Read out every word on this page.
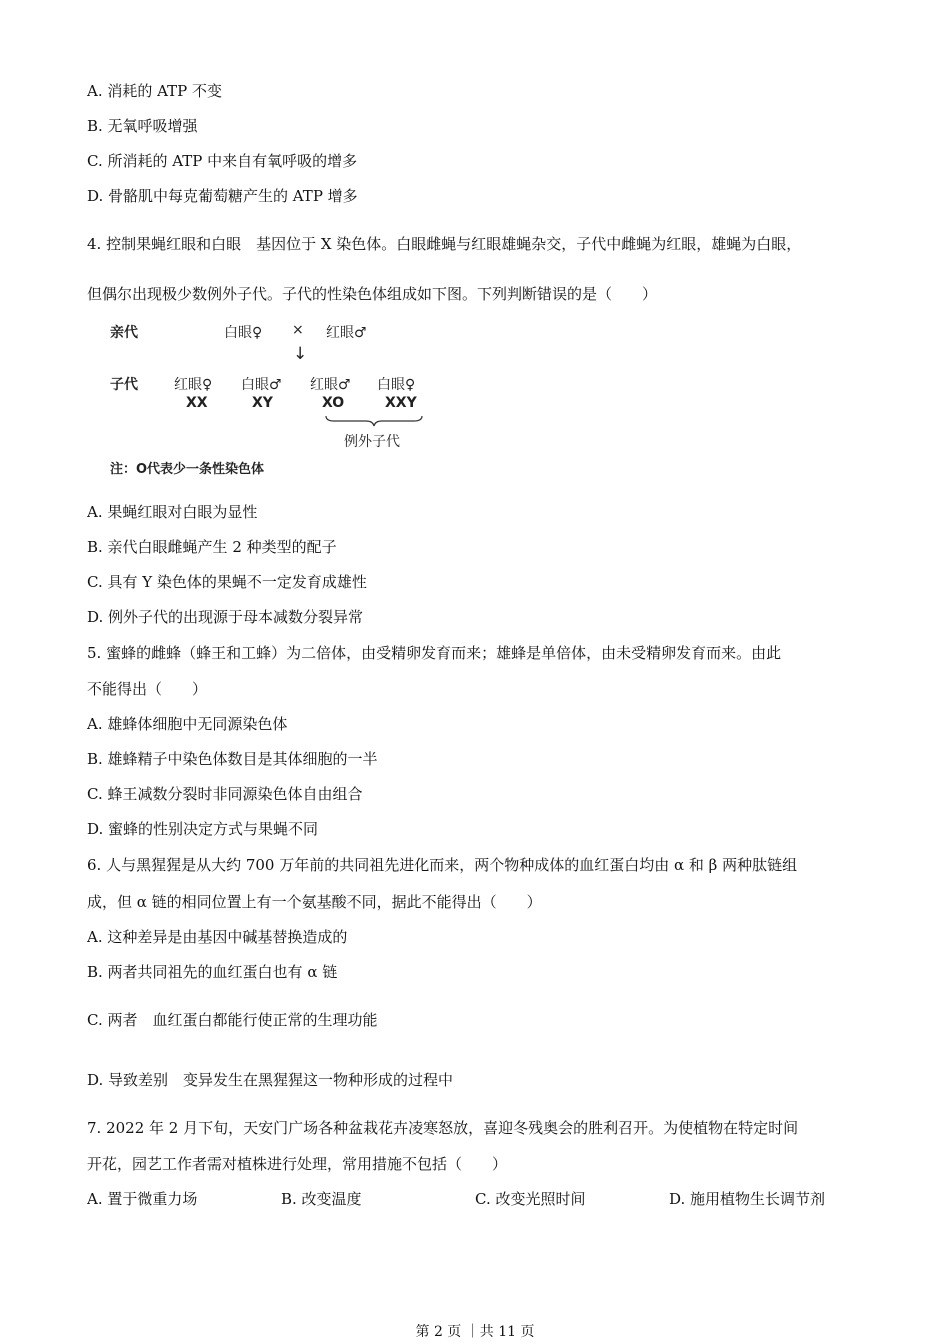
A. 消耗的 ATP 不变
B. 无氧呼吸增强
C. 所消耗的 ATP 中来自有氧呼吸的增多
D. 骨骼肌中每克葡萄糖产生的 ATP 增多
4. 控制果蝇红眼和白眼　基因位于 X 染色体。白眼雌蝇与红眼雄蝇杂交，子代中雌蝇为红眼，雄蝇为白眼，
但偶尔出现极少数例外子代。子代的性染色体组成如下图。下列判断错误的是（　　）
亲代	白眼♀ × 红眼♂
↓
子代	红眼♀ 白眼♂ 红眼♂ 白眼♀
XX	XY	XO	XXY
例外子代
注：O代表少一条性染色体
A. 果蝇红眼对白眼为显性
B. 亲代白眼雌蝇产生 2 种类型的配子
C. 具有 Y 染色体的果蝇不一定发育成雄性
D. 例外子代的出现源于母本减数分裂异常
5. 蜜蜂的雌蜂（蜂王和工蜂）为二倍体，由受精卵发育而来；雄蜂是单倍体，由未受精卵发育而来。由此
不能得出（　　）
A. 雄蜂体细胞中无同源染色体
B. 雄蜂精子中染色体数目是其体细胞的一半
C. 蜂王减数分裂时非同源染色体自由组合
D. 蜜蜂的性别决定方式与果蝇不同
6. 人与黑猩猩是从大约 700 万年前的共同祖先进化而来，两个物种成体的血红蛋白均由 α 和 β 两种肽链组
成，但 α 链的相同位置上有一个氨基酸不同，据此不能得出（　　）
A. 这种差异是由基因中碱基替换造成的
B. 两者共同祖先的血红蛋白也有 α 链
C. 两者　血红蛋白都能行使正常的生理功能
D. 导致差别　变异发生在黑猩猩这一物种形成的过程中
7. 2022 年 2 月下旬，天安门广场各种盆栽花卉凌寒怒放，喜迎冬残奥会的胜利召开。为使植物在特定时间
开花，园艺工作者需对植株进行处理，常用措施不包括（　　）
A. 置于微重力场	B. 改变温度	C. 改变光照时间	D. 施用植物生长调节剂
第 2 页 ｜共 11 页
